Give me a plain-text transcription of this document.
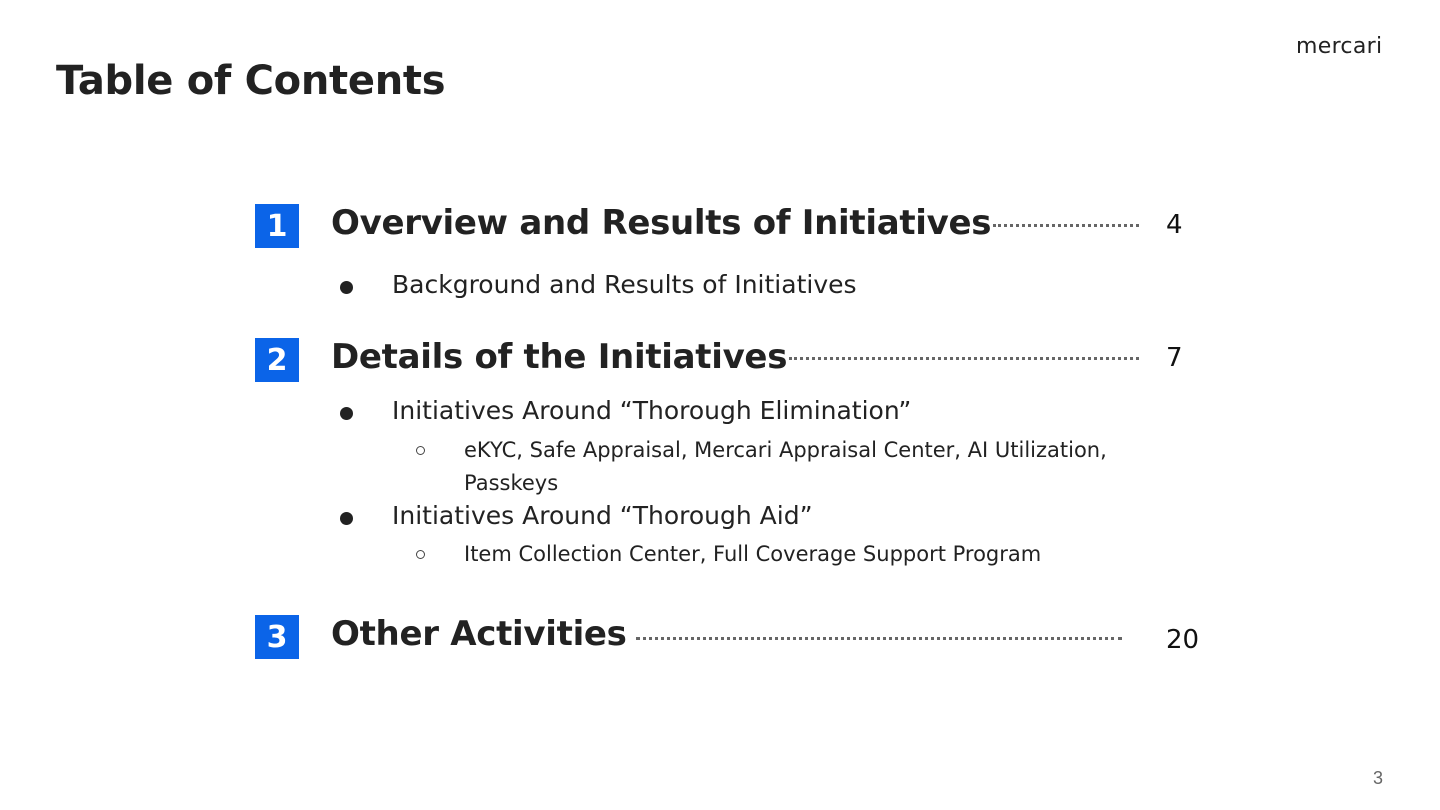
Table of Contents
mercari
1	Overview and Results of Initiatives	4
Background and Results of Initiatives
2	Details of the Initiatives	7
Initiatives Around “Thorough Elimination”
eKYC, Safe Appraisal, Mercari Appraisal Center, AI Utilization, Passkeys
Initiatives Around “Thorough Aid”
Item Collection Center, Full Coverage Support Program
3	Other Activities	20
3
